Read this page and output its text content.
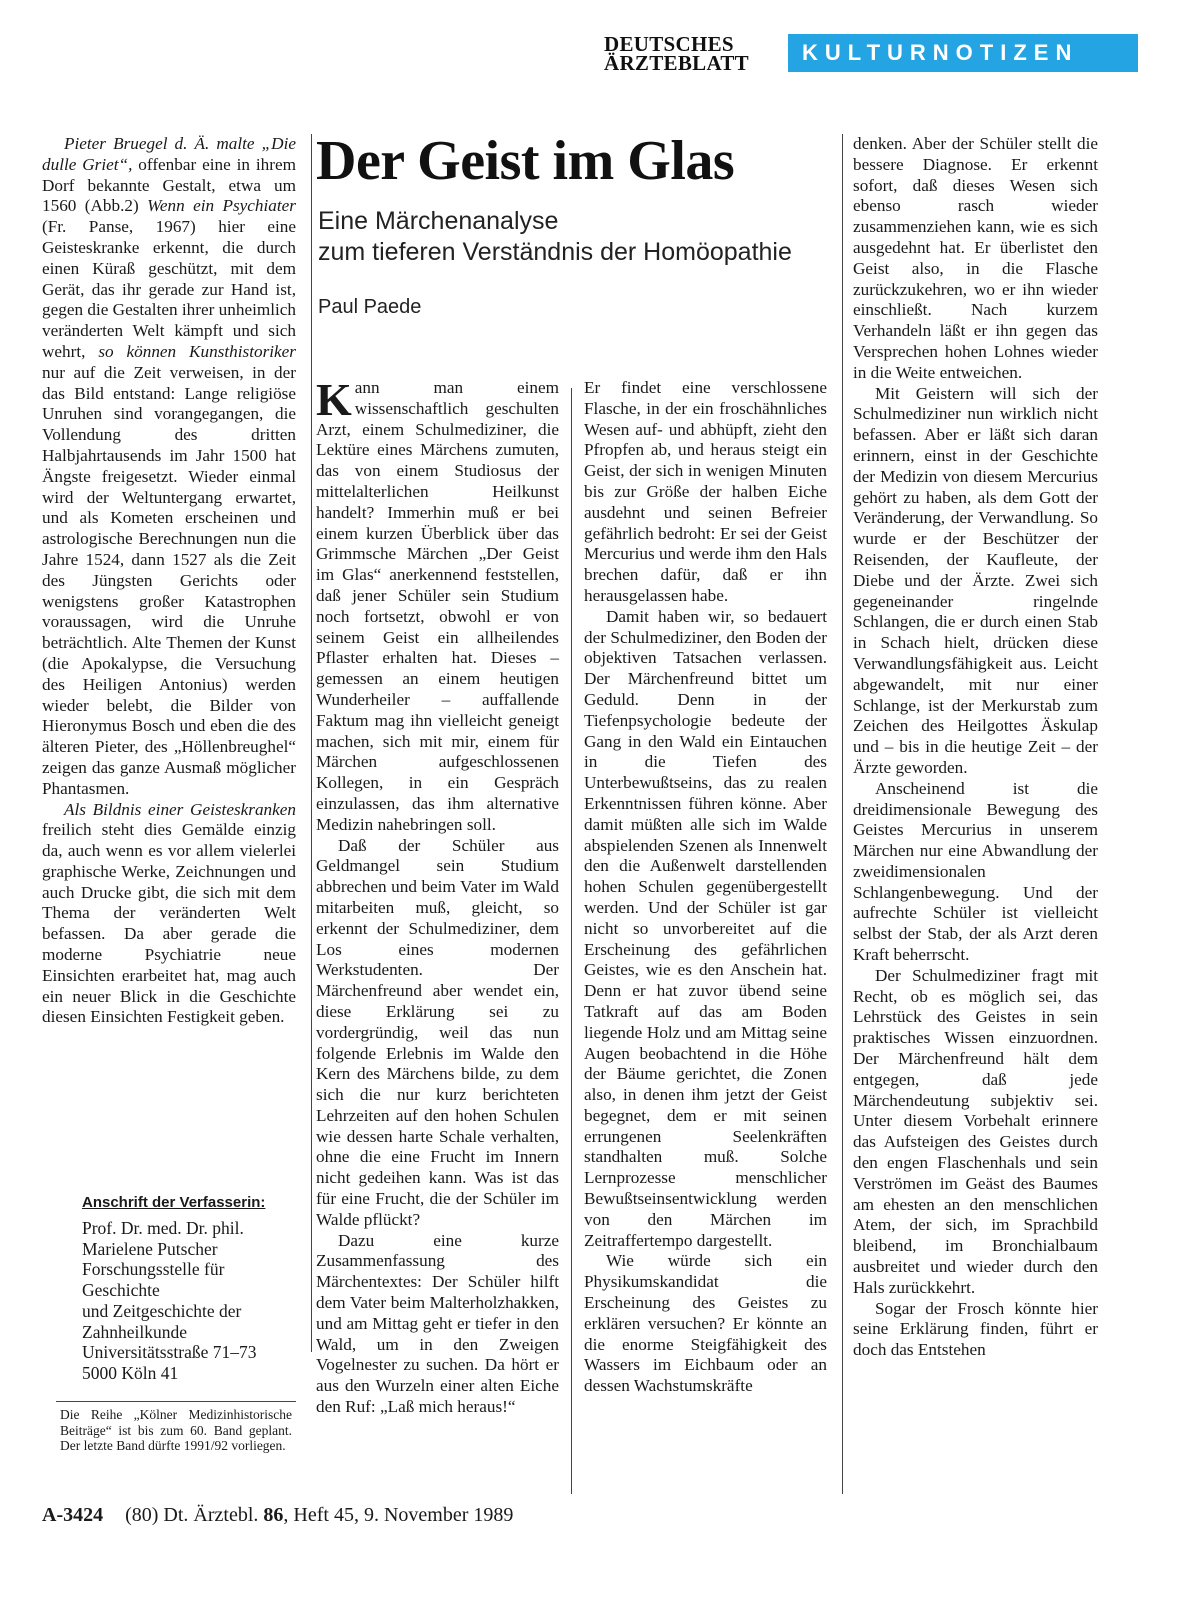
DEUTSCHES
ÄRZTEBLATT	KULTURNOTIZEN

Pieter Bruegel d. Ä. malte „Die dulle Griet“, offenbar eine in ihrem Dorf bekannte Gestalt, etwa um 1560 (Abb.2) Wenn ein Psychiater (Fr. Panse, 1967) hier eine Geisteskranke erkennt, die durch einen Küraß geschützt, mit dem Gerät, das ihr gerade zur Hand ist, gegen die Gestalten ihrer unheimlich veränderten Welt kämpft und sich wehrt, so können Kunsthistoriker nur auf die Zeit verweisen, in der das Bild entstand: Lange religiöse Unruhen sind vorangegangen, die Vollendung des dritten Halbjahrtausends im Jahr 1500 hat Ängste freigesetzt. Wieder einmal wird der Weltuntergang erwartet, und als Kometen erscheinen und astrologische Berechnungen nun die Jahre 1524, dann 1527 als die Zeit des Jüngsten Gerichts oder wenigstens großer Katastrophen voraussagen, wird die Unruhe beträchtlich. Alte Themen der Kunst (die Apokalypse, die Versuchung des Heiligen Antonius) werden wieder belebt, die Bilder von Hieronymus Bosch und eben die des älteren Pieter, des „Höllenbreughel“ zeigen das ganze Ausmaß möglicher Phantasmen.

Als Bildnis einer Geisteskranken freilich steht dies Gemälde einzig da, auch wenn es vor allem vielerlei graphische Werke, Zeichnungen und auch Drucke gibt, die sich mit dem Thema der veränderten Welt befassen. Da aber gerade die moderne Psychiatrie neue Einsichten erarbeitet hat, mag auch ein neuer Blick in die Geschichte diesen Einsichten Festigkeit geben.

Anschrift der Verfasserin:
Prof. Dr. med. Dr. phil.
Marielene Putscher
Forschungsstelle für
Geschichte
und Zeitgeschichte der
Zahnheilkunde
Universitätsstraße 71–73
5000 Köln 41
Die Reihe „Kölner Medizinhistorische Beiträge“ ist bis zum 60. Band geplant. Der letzte Band dürfte 1991/92 vorliegen.
Der Geist im Glas
Eine Märchenanalyse
zum tieferen Verständnis der Homöopathie
Paul Paede

Kann man einem wissenschaftlich geschulten Arzt, einem Schulmediziner, die Lektüre eines Märchens zumuten, das von einem Studiosus der mittelalterlichen Heilkunst handelt? Immerhin muß er bei einem kurzen Überblick über das Grimmsche Märchen „Der Geist im Glas“ anerkennend feststellen, daß jener Schüler sein Studium noch fortsetzt, obwohl er von seinem Geist ein allheilendes Pflaster erhalten hat. Dieses – gemessen an einem heutigen Wunderheiler – auffallende Faktum mag ihn vielleicht geneigt machen, sich mit mir, einem für Märchen aufgeschlossenen Kollegen, in ein Gespräch einzulassen, das ihm alternative Medizin nahebringen soll.

Daß der Schüler aus Geldmangel sein Studium abbrechen und beim Vater im Wald mitarbeiten muß, gleicht, so erkennt der Schulmediziner, dem Los eines modernen Werkstudenten. Der Märchenfreund aber wendet ein, diese Erklärung sei zu vordergründig, weil das nun folgende Erlebnis im Walde den Kern des Märchens bilde, zu dem sich die nur kurz berichteten Lehrzeiten auf den hohen Schulen wie dessen harte Schale verhalten, ohne die eine Frucht im Innern nicht gedeihen kann. Was ist das für eine Frucht, die der Schüler im Walde pflückt?

Dazu eine kurze Zusammenfassung des Märchentextes: Der Schüler hilft dem Vater beim Malterholzhakken, und am Mittag geht er tiefer in den Wald, um in den Zweigen Vogelnester zu suchen. Da hört er aus den Wurzeln einer alten Eiche den Ruf: „Laß mich heraus!“

Er findet eine verschlossene Flasche, in der ein froschähnliches Wesen auf- und abhüpft, zieht den Pfropfen ab, und heraus steigt ein Geist, der sich in wenigen Minuten bis zur Größe der halben Eiche ausdehnt und seinen Befreier gefährlich bedroht: Er sei der Geist Mercurius und werde ihm den Hals brechen dafür, daß er ihn herausgelassen habe.

Damit haben wir, so bedauert der Schulmediziner, den Boden der objektiven Tatsachen verlassen. Der Märchenfreund bittet um Geduld. Denn in der Tiefenpsychologie bedeute der Gang in den Wald ein Eintauchen in die Tiefen des Unterbewußtseins, das zu realen Erkenntnissen führen könne. Aber damit müßten alle sich im Walde abspielenden Szenen als Innenwelt den die Außenwelt darstellenden hohen Schulen gegenübergestellt werden. Und der Schüler ist gar nicht so unvorbereitet auf die Erscheinung des gefährlichen Geistes, wie es den Anschein hat. Denn er hat zuvor übend seine Tatkraft auf das am Boden liegende Holz und am Mittag seine Augen beobachtend in die Höhe der Bäume gerichtet, die Zonen also, in denen ihm jetzt der Geist begegnet, dem er mit seinen errungenen Seelenkräften standhalten muß. Solche Lernprozesse menschlicher Bewußtseinsentwicklung werden von den Märchen im Zeitraffertempo dargestellt.

Wie würde sich ein Physikumskandidat die Erscheinung des Geistes zu erklären versuchen? Er könnte an die enorme Steigfähigkeit des Wassers im Eichbaum oder an dessen Wachstumskräfte

denken. Aber der Schüler stellt die bessere Diagnose. Er erkennt sofort, daß dieses Wesen sich ebenso rasch wieder zusammenziehen kann, wie es sich ausgedehnt hat. Er überlistet den Geist also, in die Flasche zurückzukehren, wo er ihn wieder einschließt. Nach kurzem Verhandeln läßt er ihn gegen das Versprechen hohen Lohnes wieder in die Weite entweichen.

Mit Geistern will sich der Schulmediziner nun wirklich nicht befassen. Aber er läßt sich daran erinnern, einst in der Geschichte der Medizin von diesem Mercurius gehört zu haben, als dem Gott der Veränderung, der Verwandlung. So wurde er der Beschützer der Reisenden, der Kaufleute, der Diebe und der Ärzte. Zwei sich gegeneinander ringelnde Schlangen, die er durch einen Stab in Schach hielt, drücken diese Verwandlungsfähigkeit aus. Leicht abgewandelt, mit nur einer Schlange, ist der Merkurstab zum Zeichen des Heilgottes Äskulap und – bis in die heutige Zeit – der Ärzte geworden.

Anscheinend ist die dreidimensionale Bewegung des Geistes Mercurius in unserem Märchen nur eine Abwandlung der zweidimensionalen Schlangenbewegung. Und der aufrechte Schüler ist vielleicht selbst der Stab, der als Arzt deren Kraft beherrscht.

Der Schulmediziner fragt mit Recht, ob es möglich sei, das Lehrstück des Geistes in sein praktisches Wissen einzuordnen. Der Märchenfreund hält dem entgegen, daß jede Märchendeutung subjektiv sei. Unter diesem Vorbehalt erinnere das Aufsteigen des Geistes durch den engen Flaschenhals und sein Verströmen im Geäst des Baumes am ehesten an den menschlichen Atem, der sich, im Sprachbild bleibend, im Bronchialbaum ausbreitet und wieder durch den Hals zurückkehrt.

Sogar der Frosch könnte hier seine Erklärung finden, führt er doch das Entstehen

A-3424 (80) Dt. Ärztebl. 86, Heft 45, 9. November 1989
